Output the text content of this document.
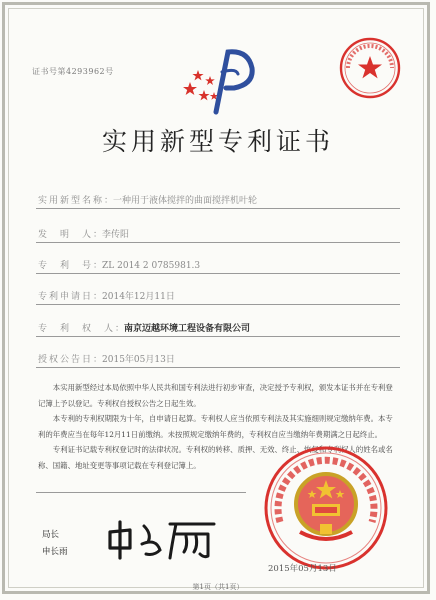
证书号第4293962号
实用新型专利证书
实用新型名称：一种用于液体搅拌的曲面搅拌机叶轮
发　明　人：李传阳
专　利　号：ZL 2014 2 0785981.3
专利申请日：2014年12月11日
专　利　权　人：南京迈越环境工程设备有限公司
授权公告日：2015年05月13日

本实用新型经过本局依照中华人民共和国专利法进行初步审查，决定授予专利权，颁发本证书并在专利登记簿上予以登记。专利权自授权公告之日起生效。

本专利的专利权期限为十年，自申请日起算。专利权人应当依照专利法及其实施细则规定缴纳年费。本专利的年费应当在每年12月11日前缴纳。未按照规定缴纳年费的，专利权自应当缴纳年费期满之日起终止。

专利证书记载专利权登记时的法律状况。专利权的转移、质押、无效、终止、恢复和专利权人的姓名或名称、国籍、地址变更等事项记载在专利登记簿上。

局长
申长雨
2015年05月13日
第1页（共1页）
